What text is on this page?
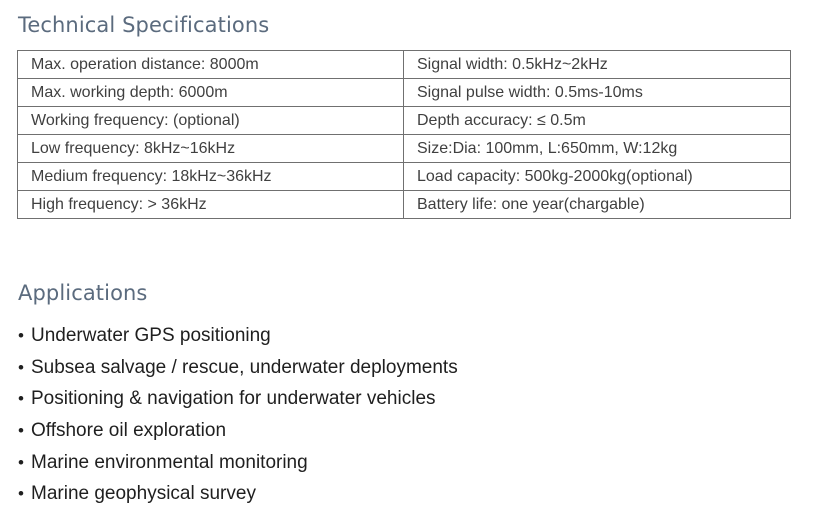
Technical Specifications
Max. operation distance: 8000m	Signal width: 0.5kHz~2kHz
Max. working depth: 6000m	Signal pulse width: 0.5ms-10ms
Working frequency: (optional)	Depth accuracy: ≤ 0.5m
Low frequency: 8kHz~16kHz	Size:Dia: 100mm, L:650mm, W:12kg
Medium frequency: 18kHz~36kHz	Load capacity: 500kg-2000kg(optional)
High frequency: > 36kHz	Battery life: one year(chargable)
Applications
• Underwater GPS positioning
• Subsea salvage / rescue, underwater deployments
• Positioning & navigation for underwater vehicles
• Offshore oil exploration
• Marine environmental monitoring
• Marine geophysical survey
